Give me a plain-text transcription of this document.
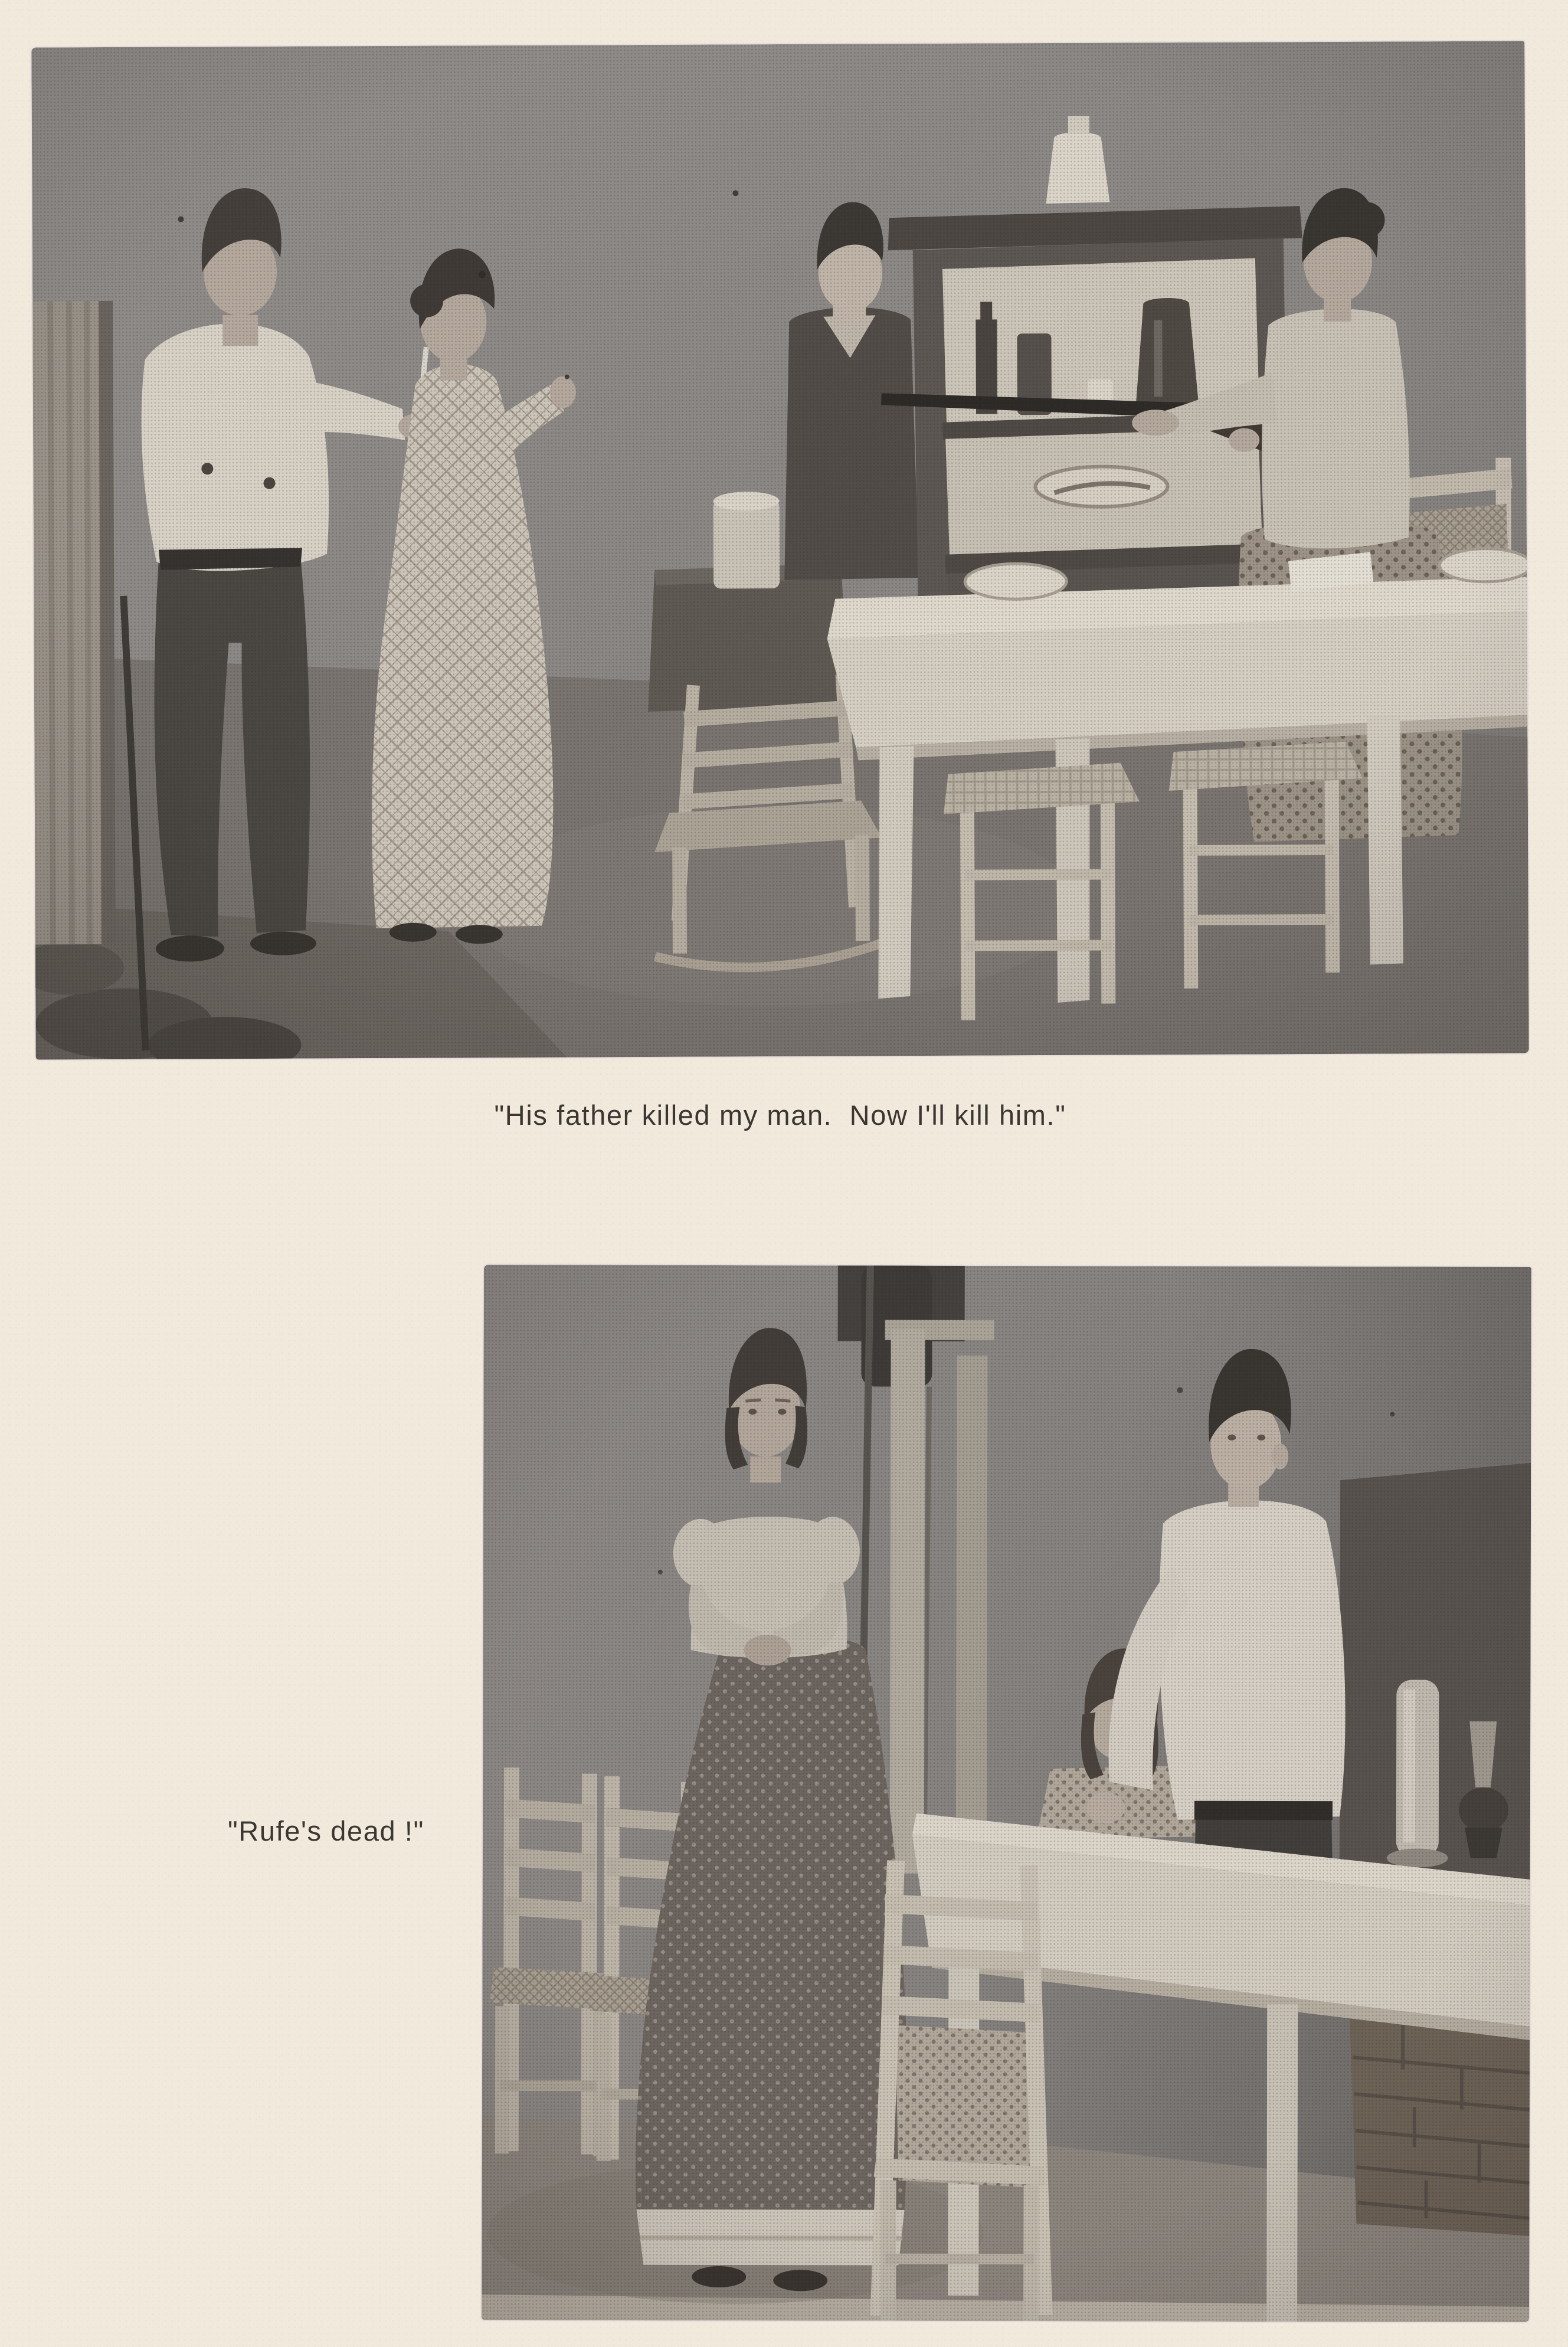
"His father killed my man.  Now I'll kill him."
"Rufe's dead !"
